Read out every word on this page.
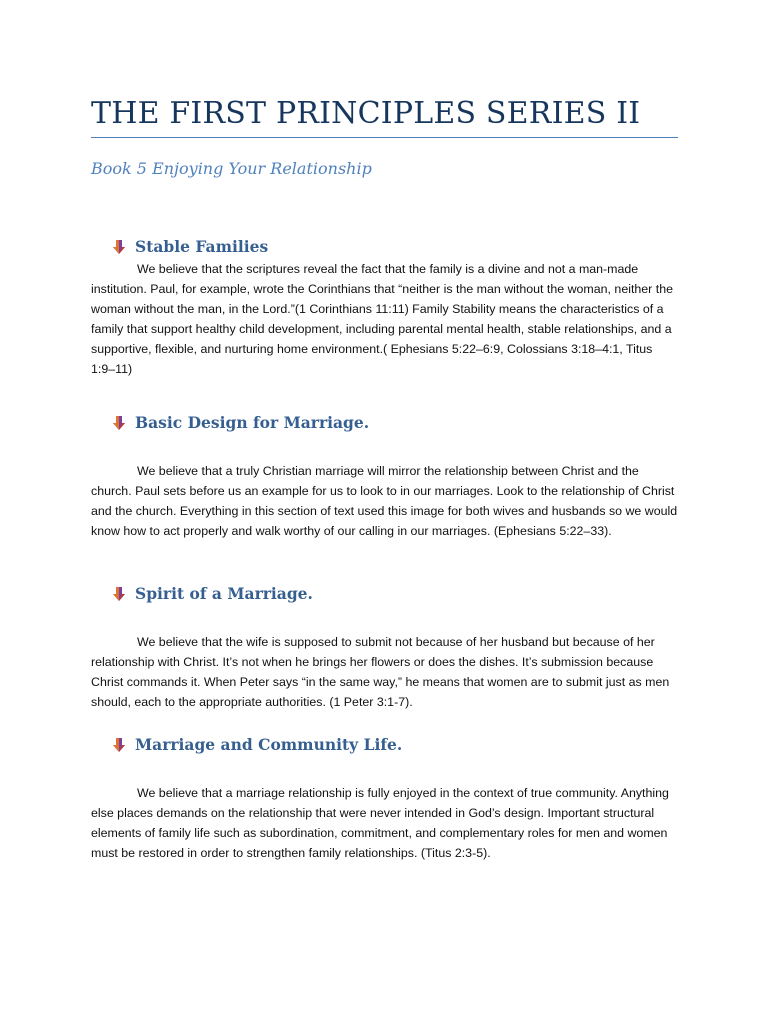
THE FIRST PRINCIPLES SERIES II
Book 5 Enjoying Your Relationship
Stable Families

We believe that the scriptures reveal the fact that the family is a divine and not a man-made institution. Paul, for example, wrote the Corinthians that “neither is the man without the woman, neither the woman without the man, in the Lord.”(1 Corinthians 11:11) Family Stability means the characteristics of a family that support healthy child development, including parental mental health, stable relationships, and a supportive, flexible, and nurturing home environment.( Ephesians 5:22–6:9, Colossians 3:18–4:1, Titus 1:9–11)

Basic Design for Marriage.

We believe that a truly Christian marriage will mirror the relationship between Christ and the church. Paul sets before us an example for us to look to in our marriages. Look to the relationship of Christ and the church. Everything in this section of text used this image for both wives and husbands so we would know how to act properly and walk worthy of our calling in our marriages. (Ephesians 5:22–33).

Spirit of a Marriage.

We believe that the wife is supposed to submit not because of her husband but because of her relationship with Christ. It’s not when he brings her flowers or does the dishes. It’s submission because Christ commands it. When Peter says “in the same way,” he means that women are to submit just as men should, each to the appropriate authorities. (1 Peter 3:1-7).

Marriage and Community Life.

We believe that a marriage relationship is fully enjoyed in the context of true community. Anything else places demands on the relationship that were never intended in God’s design. Important structural elements of family life such as subordination, commitment, and complementary roles for men and women must be restored in order to strengthen family relationships. (Titus 2:3-5).
